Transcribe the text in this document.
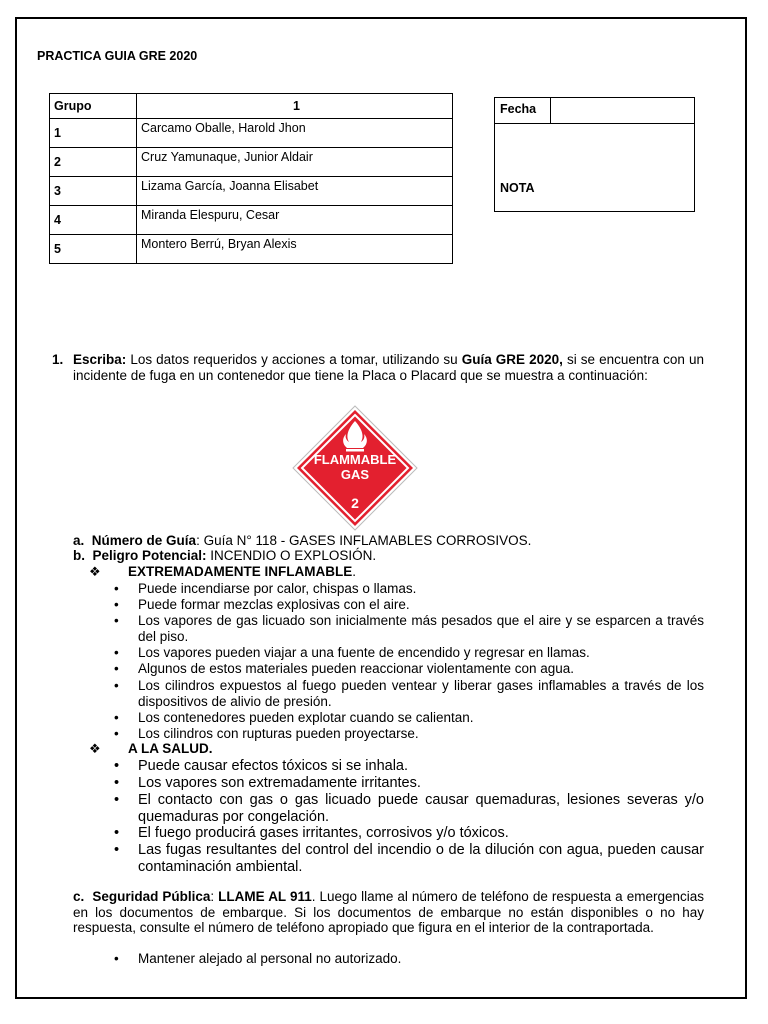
PRACTICA GUIA GRE 2020
Grupo	1
1	Carcamo Oballe, Harold Jhon
2	Cruz Yamunaque, Junior Aldair
3	Lizama García, Joanna Elisabet
4	Miranda Elespuru, Cesar
5	Montero Berrú, Bryan Alexis
Fecha
NOTA
1. Escriba: Los datos requeridos y acciones a tomar, utilizando su Guía GRE 2020, si se encuentra con un incidente de fuga en un contenedor que tiene la Placa o Placard que se muestra a continuación:
FLAMMABLE
GAS
2
a. Número de Guía: Guía N° 118 - GASES INFLAMABLES CORROSIVOS.
b. Peligro Potencial: INCENDIO O EXPLOSIÓN.
❖ EXTREMADAMENTE INFLAMABLE.
• Puede incendiarse por calor, chispas o llamas.
• Puede formar mezclas explosivas con el aire.
• Los vapores de gas licuado son inicialmente más pesados que el aire y se esparcen a través del piso.
• Los vapores pueden viajar a una fuente de encendido y regresar en llamas.
• Algunos de estos materiales pueden reaccionar violentamente con agua.
• Los cilindros expuestos al fuego pueden ventear y liberar gases inflamables a través de los dispositivos de alivio de presión.
• Los contenedores pueden explotar cuando se calientan.
• Los cilindros con rupturas pueden proyectarse.
❖ A LA SALUD.
• Puede causar efectos tóxicos si se inhala.
• Los vapores son extremadamente irritantes.
• El contacto con gas o gas licuado puede causar quemaduras, lesiones severas y/o quemaduras por congelación.
• El fuego producirá gases irritantes, corrosivos y/o tóxicos.
• Las fugas resultantes del control del incendio o de la dilución con agua, pueden causar contaminación ambiental.
c. Seguridad Pública: LLAME AL 911. Luego llame al número de teléfono de respuesta a emergencias en los documentos de embarque. Si los documentos de embarque no están disponibles o no hay respuesta, consulte el número de teléfono apropiado que figura en el interior de la contraportada.
• Mantener alejado al personal no autorizado.
